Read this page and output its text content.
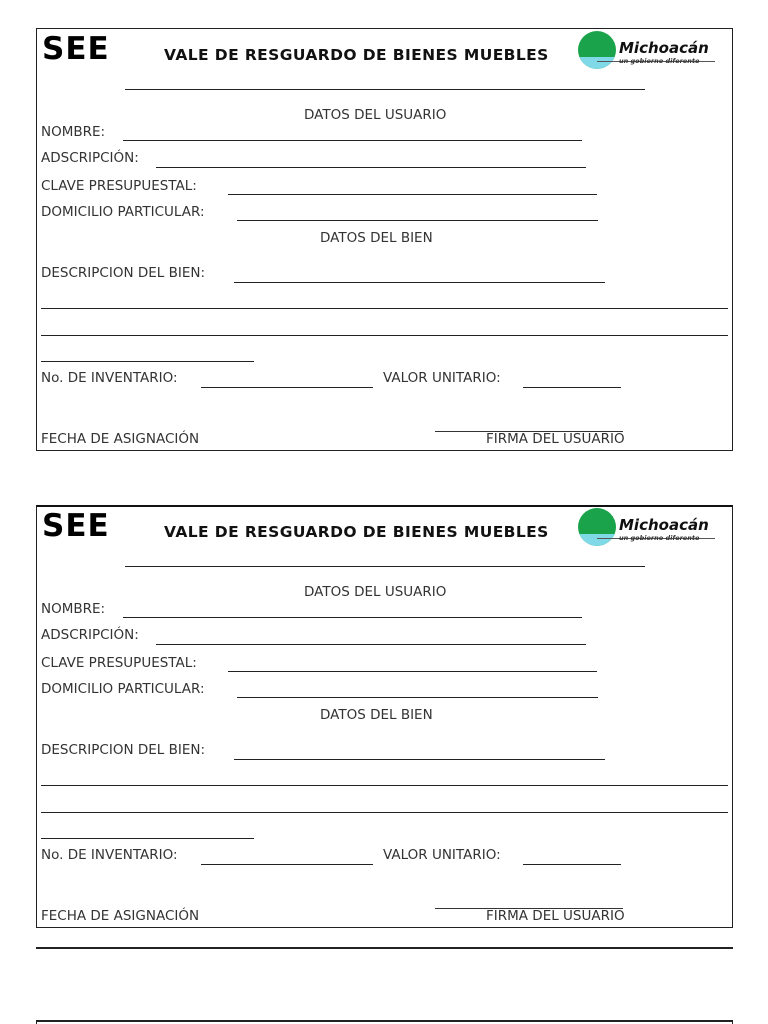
SEE	VALE DE RESGUARDO DE BIENES MUEBLES	Michoacán
un gobierno diferente
DATOS DEL USUARIO
NOMBRE:
ADSCRIPCIÓN:
CLAVE PRESUPUESTAL:
DOMICILIO PARTICULAR:
DATOS DEL BIEN
DESCRIPCION DEL BIEN:
No. DE INVENTARIO:	VALOR UNITARIO:
FECHA DE ASIGNACIÓN	FIRMA DEL USUARIO
SEE	VALE DE RESGUARDO DE BIENES MUEBLES	Michoacán
un gobierno diferente
DATOS DEL USUARIO
NOMBRE:
ADSCRIPCIÓN:
CLAVE PRESUPUESTAL:
DOMICILIO PARTICULAR:
DATOS DEL BIEN
DESCRIPCION DEL BIEN:
No. DE INVENTARIO:	VALOR UNITARIO:
FECHA DE ASIGNACIÓN	FIRMA DEL USUARIO
